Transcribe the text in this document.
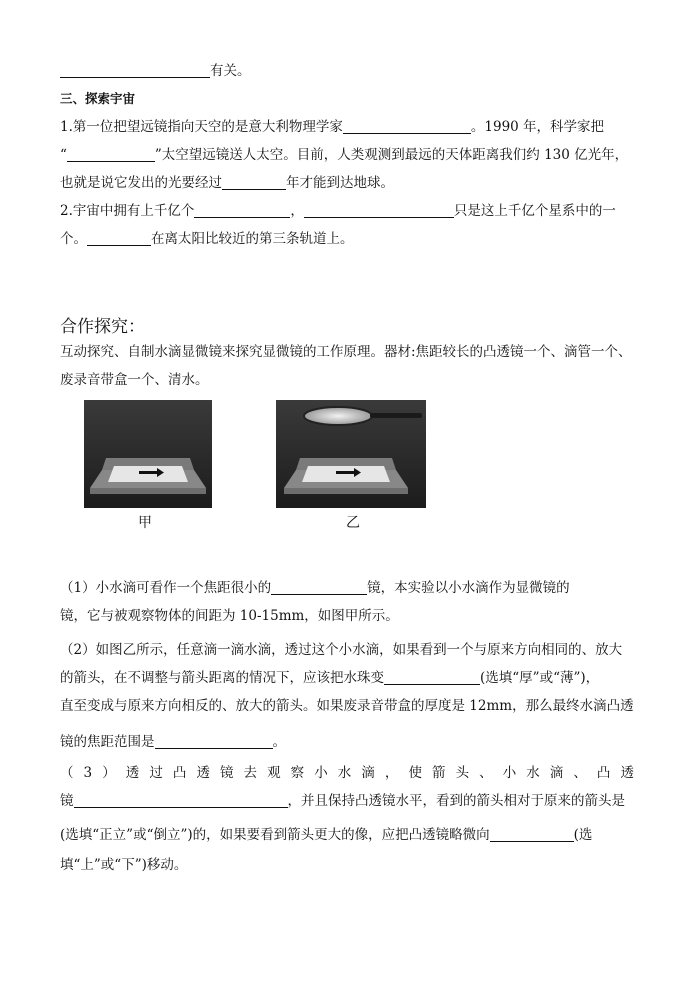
有关。
三、探索宇宙
1.第一位把望远镜指向天空的是意大利物理学家	。1990 年，科学家把
“	”太空望远镜送人太空。目前，人类观测到最远的天体距离我们约 130 亿光年，
也就是说它发出的光要经过	年才能到达地球。
2.宇宙中拥有上千亿个	，	只是这上千亿个星系中的一
个。	在离太阳比较近的第三条轨道上。
合作探究：
互动探究、自制水滴显微镜来探究显微镜的工作原理。器材:焦距较长的凸透镜一个、滴管一个、
废录音带盒一个、清水。
甲	乙
（1）小水滴可看作一个焦距很小的	镜，本实验以小水滴作为显微镜的
镜，它与被观察物体的间距为 10-15mm，如图甲所示。
（2）如图乙所示，任意滴一滴水滴，透过这个小水滴，如果看到一个与原来方向相同的、放大
的箭头，在不调整与箭头距离的情况下，应该把水珠变	(选填“厚”或“薄”)，
直至变成与原来方向相反的、放大的箭头。如果废录音带盒的厚度是 12mm，那么最终水滴凸透
镜的焦距范围是	。
（3）透过凸透镜去观察小水滴，使箭头、小水滴、凸透
镜	，并且保持凸透镜水平，看到的箭头相对于原来的箭头是
(选填“正立”或“倒立”)的，如果要看到箭头更大的像，应把凸透镜略微向	(选
填“上”或“下”)移动。
